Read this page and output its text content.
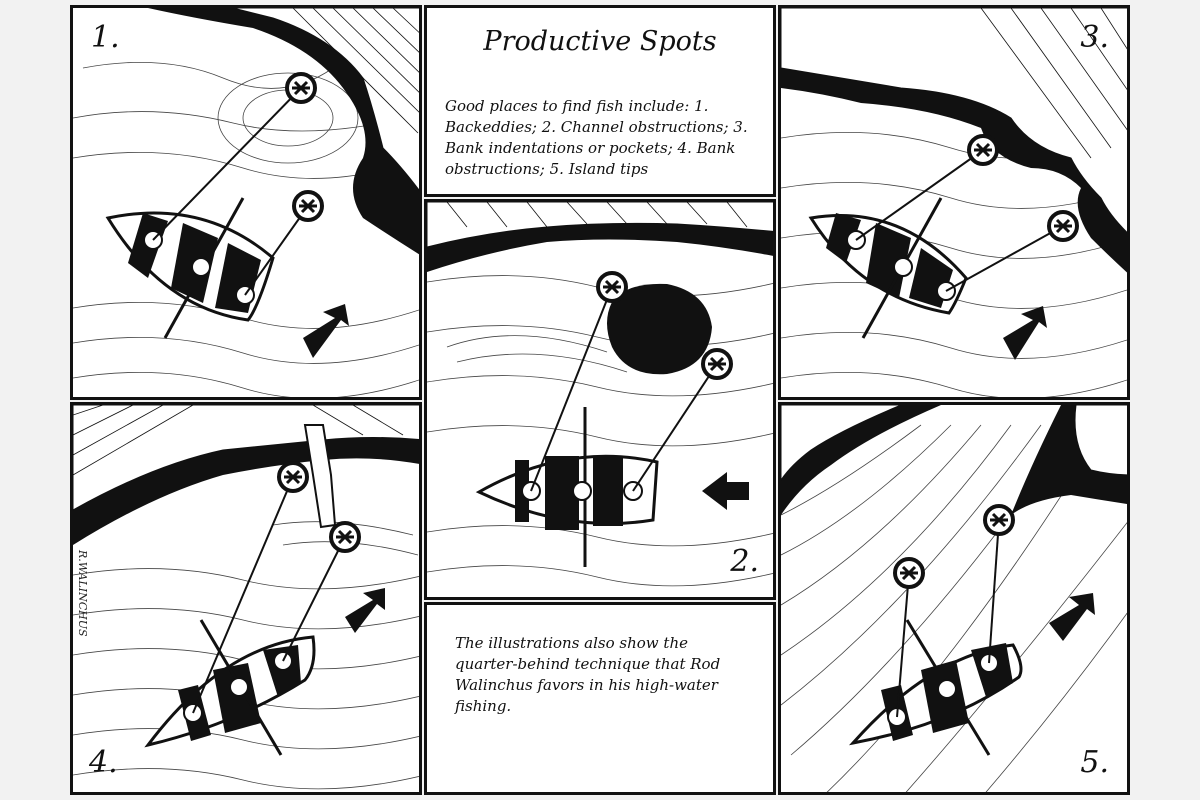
1.	Productive Spots
Good places to find fish include: 1. Backeddies; 2. Channel obstructions; 3. Bank indentations or pockets; 4. Bank obstructions; 5. Island tips
3.
2.
R.WALINCHUS
4.
The illustrations also show the quarter-behind technique that Rod Walinchus favors in his high-water fishing.
5.
